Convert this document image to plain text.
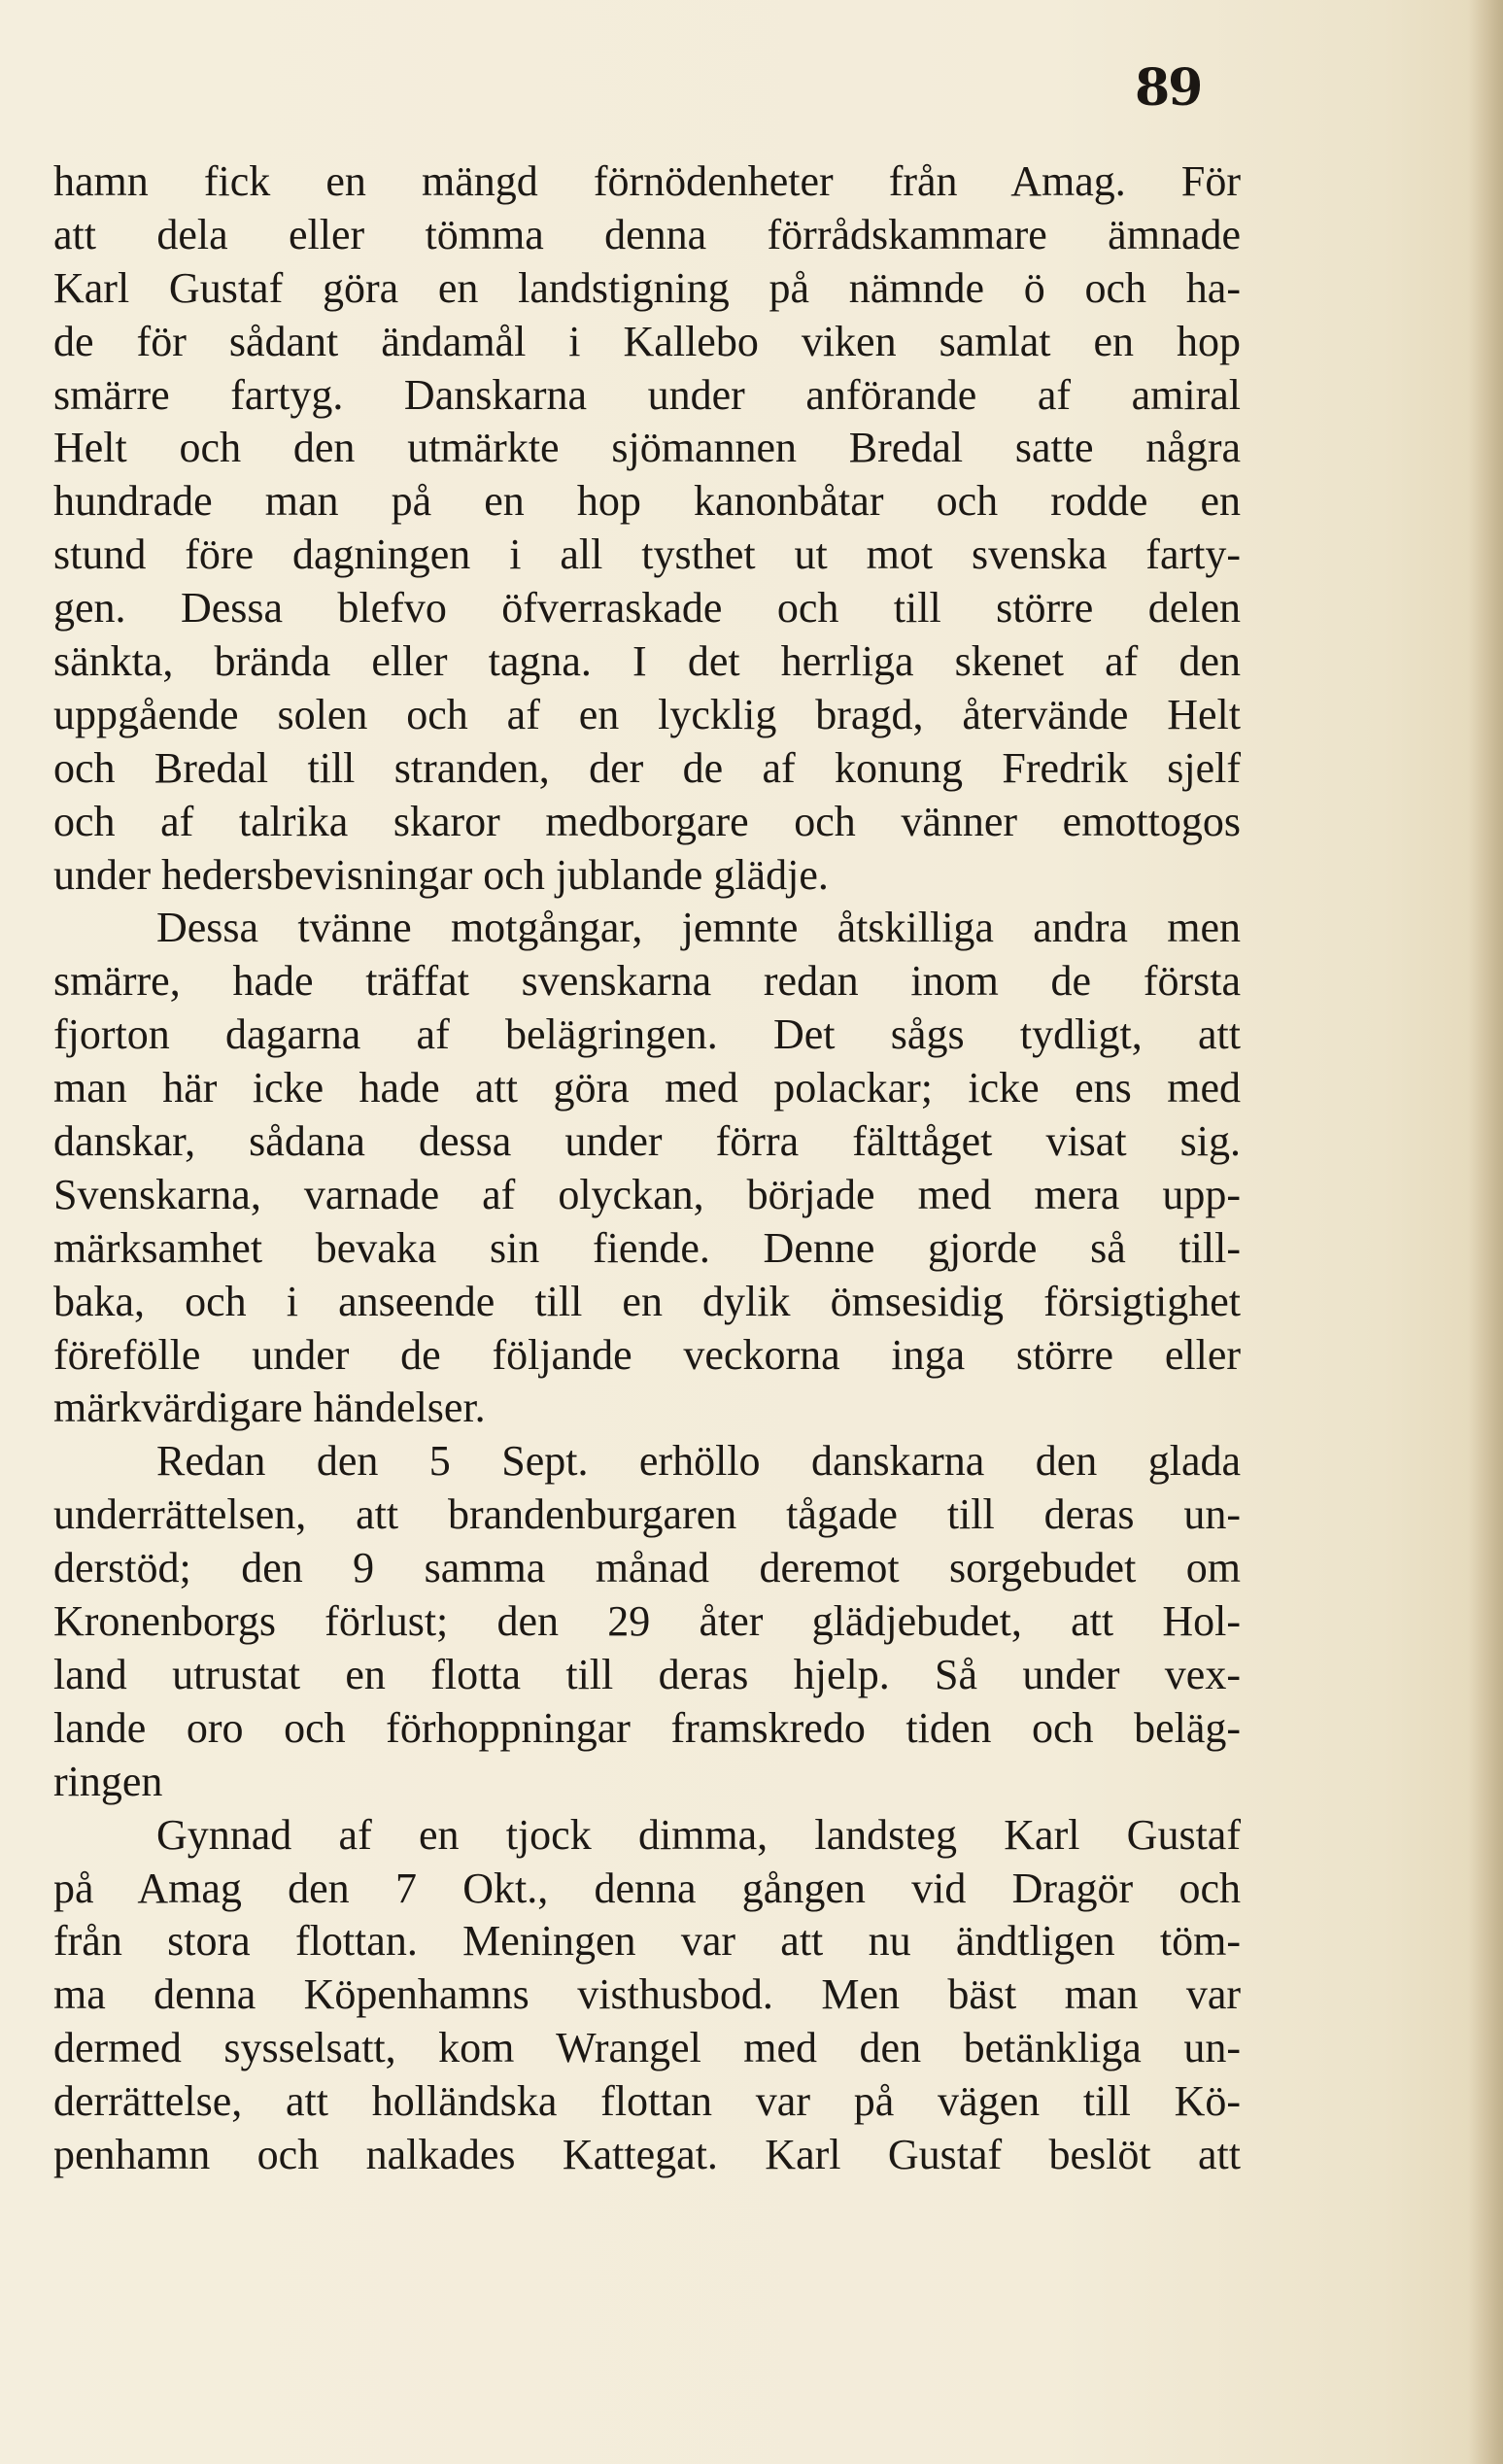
89
hamn fick en mängd förnödenheter från Amag. För
att dela eller tömma denna förrådskammare ämnade
Karl Gustaf göra en landstigning på nämnde ö och ha-
de för sådant ändamål i Kallebo viken samlat en hop
smärre fartyg. Danskarna under anförande af amiral
Helt och den utmärkte sjömannen Bredal satte några
hundrade man på en hop kanonbåtar och rodde en
stund före dagningen i all tysthet ut mot svenska farty-
gen. Dessa blefvo öfverraskade och till större delen
sänkta, brända eller tagna. I det herrliga skenet af den
uppgående solen och af en lycklig bragd, återvände Helt
och Bredal till stranden, der de af konung Fredrik sjelf
och af talrika skaror medborgare och vänner emottogos
under hedersbevisningar och jublande glädje.
Dessa tvänne motgångar, jemnte åtskilliga andra men
smärre, hade träffat svenskarna redan inom de första
fjorton dagarna af belägringen. Det sågs tydligt, att
man här icke hade att göra med polackar; icke ens med
danskar, sådana dessa under förra fälttåget visat sig.
Svenskarna, varnade af olyckan, började med mera upp-
märksamhet bevaka sin fiende. Denne gjorde så till-
baka, och i anseende till en dylik ömsesidig försigtighet
förefölle under de följande veckorna inga större eller
märkvärdigare händelser.
Redan den 5 Sept. erhöllo danskarna den glada
underrättelsen, att brandenburgaren tågade till deras un-
derstöd; den 9 samma månad deremot sorgebudet om
Kronenborgs förlust; den 29 åter glädjebudet, att Hol-
land utrustat en flotta till deras hjelp. Så under vex-
lande oro och förhoppningar framskredo tiden och beläg-
ringen
Gynnad af en tjock dimma, landsteg Karl Gustaf
på Amag den 7 Okt., denna gången vid Dragör och
från stora flottan. Meningen var att nu ändtligen töm-
ma denna Köpenhamns visthusbod. Men bäst man var
dermed sysselsatt, kom Wrangel med den betänkliga un-
derrättelse, att holländska flottan var på vägen till Kö-
penhamn och nalkades Kattegat. Karl Gustaf beslöt att
